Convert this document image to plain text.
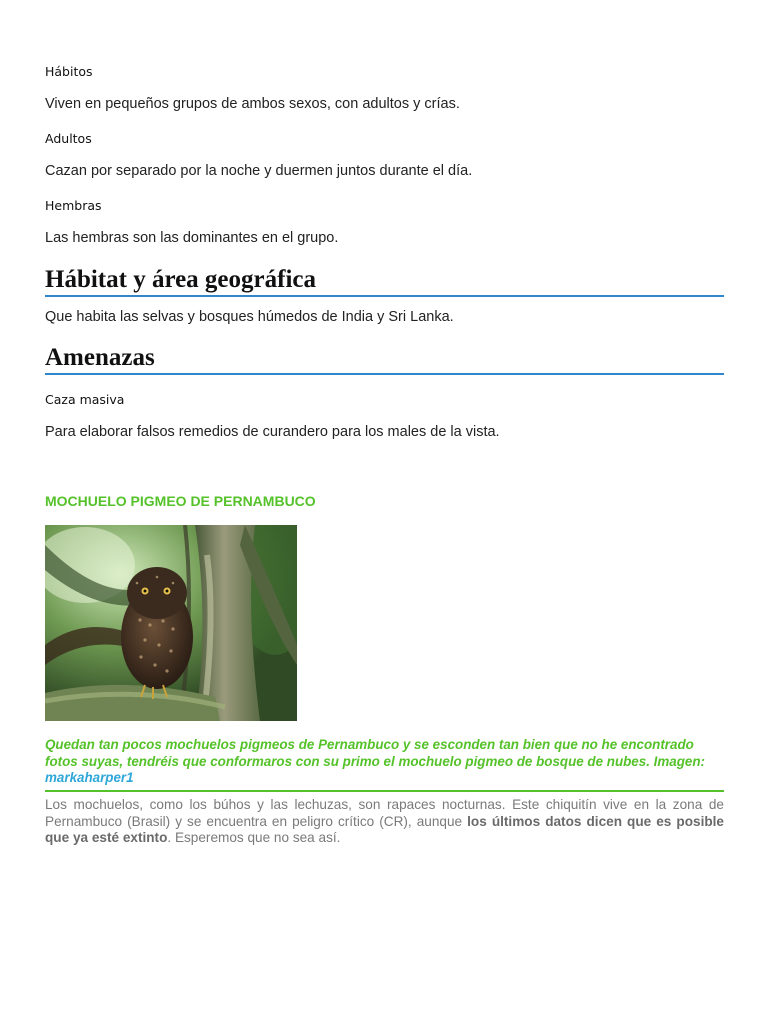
Hábitos

Viven en pequeños grupos de ambos sexos, con adultos y crías.

Adultos

Cazan por separado por la noche y duermen juntos durante el día.

Hembras

Las hembras son las dominantes en el grupo.

Hábitat y área geográfica

Que habita las selvas y bosques húmedos de India y Sri Lanka.

Amenazas

Caza masiva

Para elaborar falsos remedios de curandero para los males de la vista.

MOCHUELO PIGMEO DE PERNAMBUCO

Quedan tan pocos mochuelos pigmeos de Pernambuco y se esconden tan bien que no he encontrado fotos suyas, tendréis que conformaros con su primo el mochuelo pigmeo de bosque de nubes. Imagen: markaharper1

Los mochuelos, como los búhos y las lechuzas, son rapaces nocturnas. Este chiquitín vive en la zona de Pernambuco (Brasil) y se encuentra en peligro crítico (CR), aunque los últimos datos dicen que es posible que ya esté extinto. Esperemos que no sea así.
